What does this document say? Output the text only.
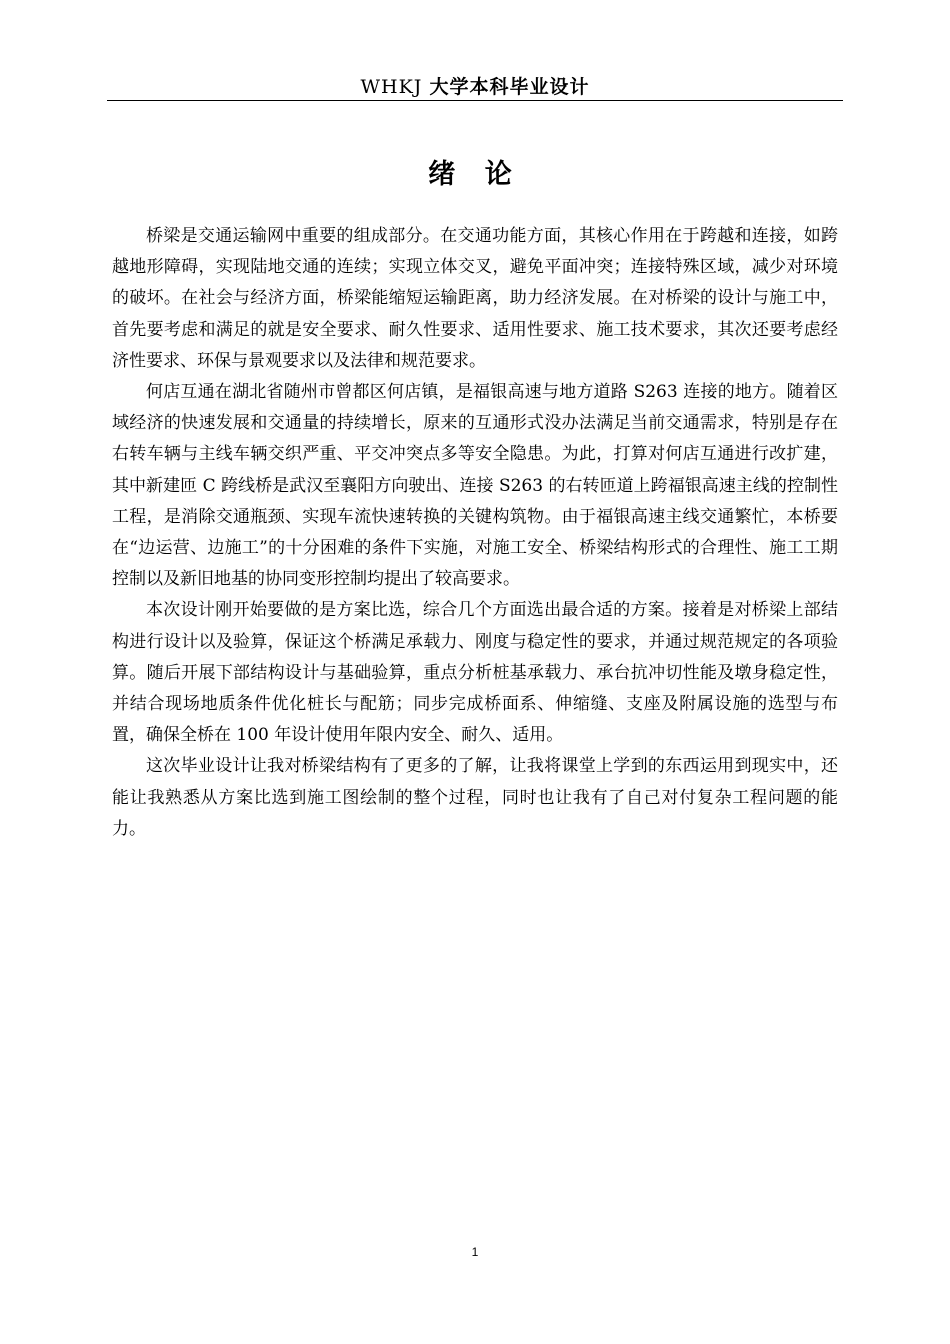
WHKJ 大学本科毕业设计
绪 论

桥梁是交通运输网中重要的组成部分。在交通功能方面，其核心作用在于跨越和连接，如跨越地形障碍，实现陆地交通的连续；实现立体交叉，避免平面冲突；连接特殊区域，减少对环境的破坏。在社会与经济方面，桥梁能缩短运输距离，助力经济发展。在对桥梁的设计与施工中，首先要考虑和满足的就是安全要求、耐久性要求、适用性要求、施工技术要求，其次还要考虑经济性要求、环保与景观要求以及法律和规范要求。

何店互通在湖北省随州市曾都区何店镇，是福银高速与地方道路 S263 连接的地方。随着区域经济的快速发展和交通量的持续增长，原来的互通形式没办法满足当前交通需求，特别是存在右转车辆与主线车辆交织严重、平交冲突点多等安全隐患。为此，打算对何店互通进行改扩建，其中新建匝 C 跨线桥是武汉至襄阳方向驶出、连接 S263 的右转匝道上跨福银高速主线的控制性工程，是消除交通瓶颈、实现车流快速转换的关键构筑物。由于福银高速主线交通繁忙，本桥要在“边运营、边施工”的十分困难的条件下实施，对施工安全、桥梁结构形式的合理性、施工工期控制以及新旧地基的协同变形控制均提出了较高要求。

本次设计刚开始要做的是方案比选，综合几个方面选出最合适的方案。接着是对桥梁上部结构进行设计以及验算，保证这个桥满足承载力、刚度与稳定性的要求，并通过规范规定的各项验算。随后开展下部结构设计与基础验算，重点分析桩基承载力、承台抗冲切性能及墩身稳定性，并结合现场地质条件优化桩长与配筋；同步完成桥面系、伸缩缝、支座及附属设施的选型与布置，确保全桥在 100 年设计使用年限内安全、耐久、适用。

这次毕业设计让我对桥梁结构有了更多的了解，让我将课堂上学到的东西运用到现实中，还能让我熟悉从方案比选到施工图绘制的整个过程，同时也让我有了自己对付复杂工程问题的能力。

1
